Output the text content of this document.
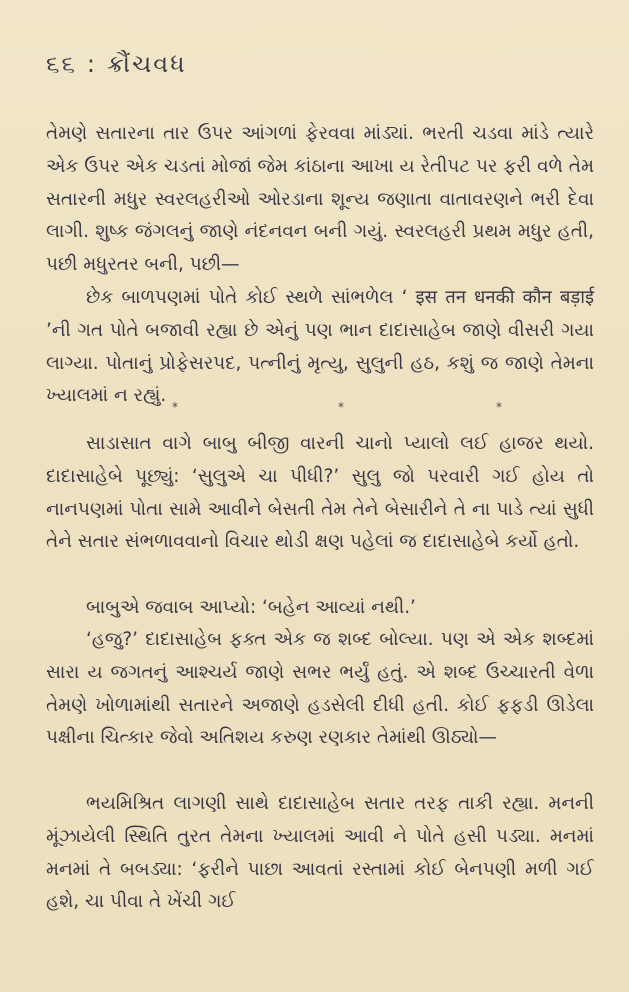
૬૬ : ક્રૌંચવધ

તેમણે સતારના તાર ઉપર આંગળાં ફેરવવા માંડ્યાં. ભરતી ચડવા માંડે ત્યારે એક ઉપર એક ચડતાં મોજાં જેમ કાંઠાના આખા ય રેતીપટ પર ફરી વળે તેમ સતારની મધુર સ્વરલહરીઓ ઓરડાના શૂન્ય જણાતા વાતાવરણને ભરી દેવા લાગી. શુષ્ક જંગલનું જાણે નંદનવન બની ગયું. સ્વરલહરી પ્રથમ મધુર હતી, પછી મધુરતર બની, પછી—

છેક બાળપણમાં પોતે કોઈ સ્થળે સાંભળેલ ‘ इस तन धनकी कौन बड़ाई ’ની ગત પોતે બજાવી રહ્યા છે એનું પણ ભાન દાદાસાહેબ જાણે વીસરી ગયા લાગ્યા. પોતાનું પ્રોફેસરપદ, પત્નીનું મૃત્યુ, સુલુની હઠ, કશું જ જાણે તેમના ખ્યાલમાં ન રહ્યું.

*	*	*

સાડાસાત વાગે બાબુ બીજી વારની ચાનો પ્યાલો લઈ હાજર થયો. દાદાસાહેબે પૂછ્યું: ‘સુલુએ ચા પીધી?’ સુલુ જો પરવારી ગઈ હોય તો નાનપણમાં પોતા સામે આવીને બેસતી તેમ તેને બેસારીને તે ના પાડે ત્યાં સુધી તેને સતાર સંભળાવવાનો વિચાર થોડી ક્ષણ પહેલાં જ દાદાસાહેબે કર્યો હતો.

બાબુએ જવાબ આપ્યો: ‘બહેન આવ્યાં નથી.’

‘હજુ?’ દાદાસાહેબ ફક્ત એક જ શબ્દ બોલ્યા. પણ એ એક શબ્દમાં સારા ય જગતનું આશ્ચર્ય જાણે સભર ભર્યું હતું. એ શબ્દ ઉચ્ચારતી વેળા તેમણે ખોળામાંથી સતારને અજાણે હડસેલી દીધી હતી. કોઈ ફફડી ઊડેલા પક્ષીના ચિત્કાર જેવો અતિશય કરુણ રણકાર તેમાંથી ઊઠ્યો—

ભયમિશ્રિત લાગણી સાથે દાદાસાહેબ સતાર તરફ તાકી રહ્યા. મનની મૂંઝાયેલી સ્થિતિ તુરત તેમના ખ્યાલમાં આવી ને પોતે હસી પડ્યા. મનમાં મનમાં તે બબડ્યા: ‘ફરીને પાછા આવતાં રસ્તામાં કોઈ બેનપણી મળી ગઈ હશે, ચા પીવા તે ખેંચી ગઈ
